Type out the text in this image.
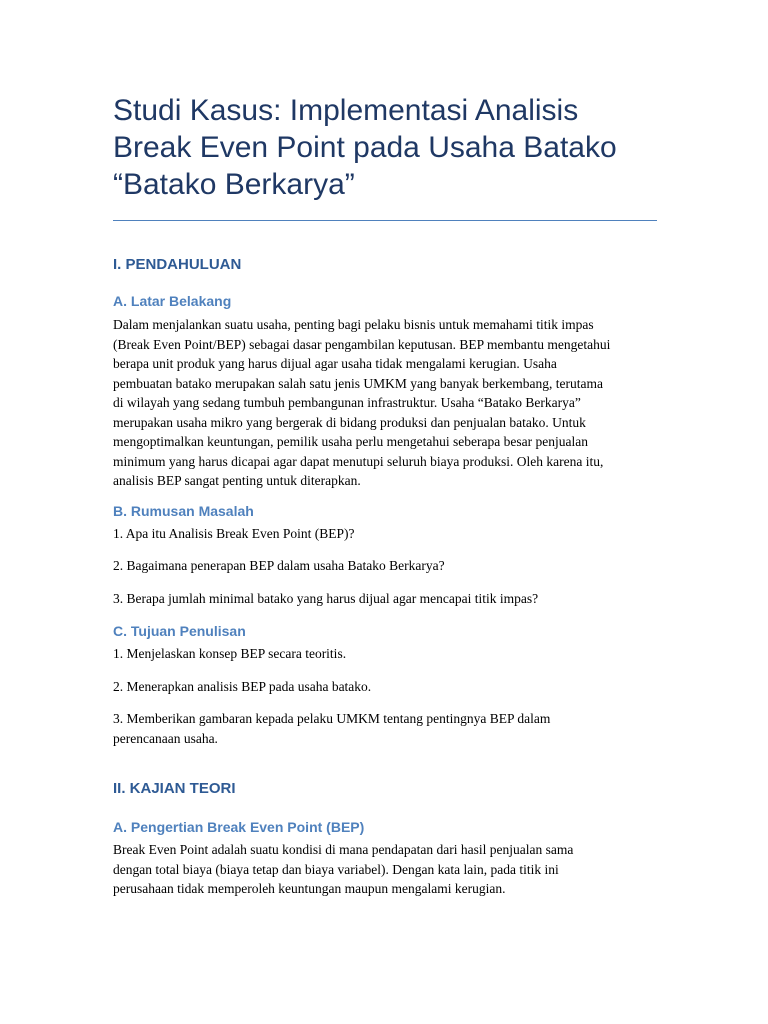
Studi Kasus: Implementasi Analisis
Break Even Point pada Usaha Batako
“Batako Berkarya”
I. PENDAHULUAN
A. Latar Belakang

Dalam menjalankan suatu usaha, penting bagi pelaku bisnis untuk memahami titik impas
(Break Even Point/BEP) sebagai dasar pengambilan keputusan. BEP membantu mengetahui
berapa unit produk yang harus dijual agar usaha tidak mengalami kerugian. Usaha
pembuatan batako merupakan salah satu jenis UMKM yang banyak berkembang, terutama
di wilayah yang sedang tumbuh pembangunan infrastruktur. Usaha “Batako Berkarya”
merupakan usaha mikro yang bergerak di bidang produksi dan penjualan batako. Untuk
mengoptimalkan keuntungan, pemilik usaha perlu mengetahui seberapa besar penjualan
minimum yang harus dicapai agar dapat menutupi seluruh biaya produksi. Oleh karena itu,
analisis BEP sangat penting untuk diterapkan.

B. Rumusan Masalah

1. Apa itu Analisis Break Even Point (BEP)?

2. Bagaimana penerapan BEP dalam usaha Batako Berkarya?

3. Berapa jumlah minimal batako yang harus dijual agar mencapai titik impas?

C. Tujuan Penulisan

1. Menjelaskan konsep BEP secara teoritis.

2. Menerapkan analisis BEP pada usaha batako.

3. Memberikan gambaran kepada pelaku UMKM tentang pentingnya BEP dalam
perencanaan usaha.

II. KAJIAN TEORI
A. Pengertian Break Even Point (BEP)

Break Even Point adalah suatu kondisi di mana pendapatan dari hasil penjualan sama
dengan total biaya (biaya tetap dan biaya variabel). Dengan kata lain, pada titik ini
perusahaan tidak memperoleh keuntungan maupun mengalami kerugian.
